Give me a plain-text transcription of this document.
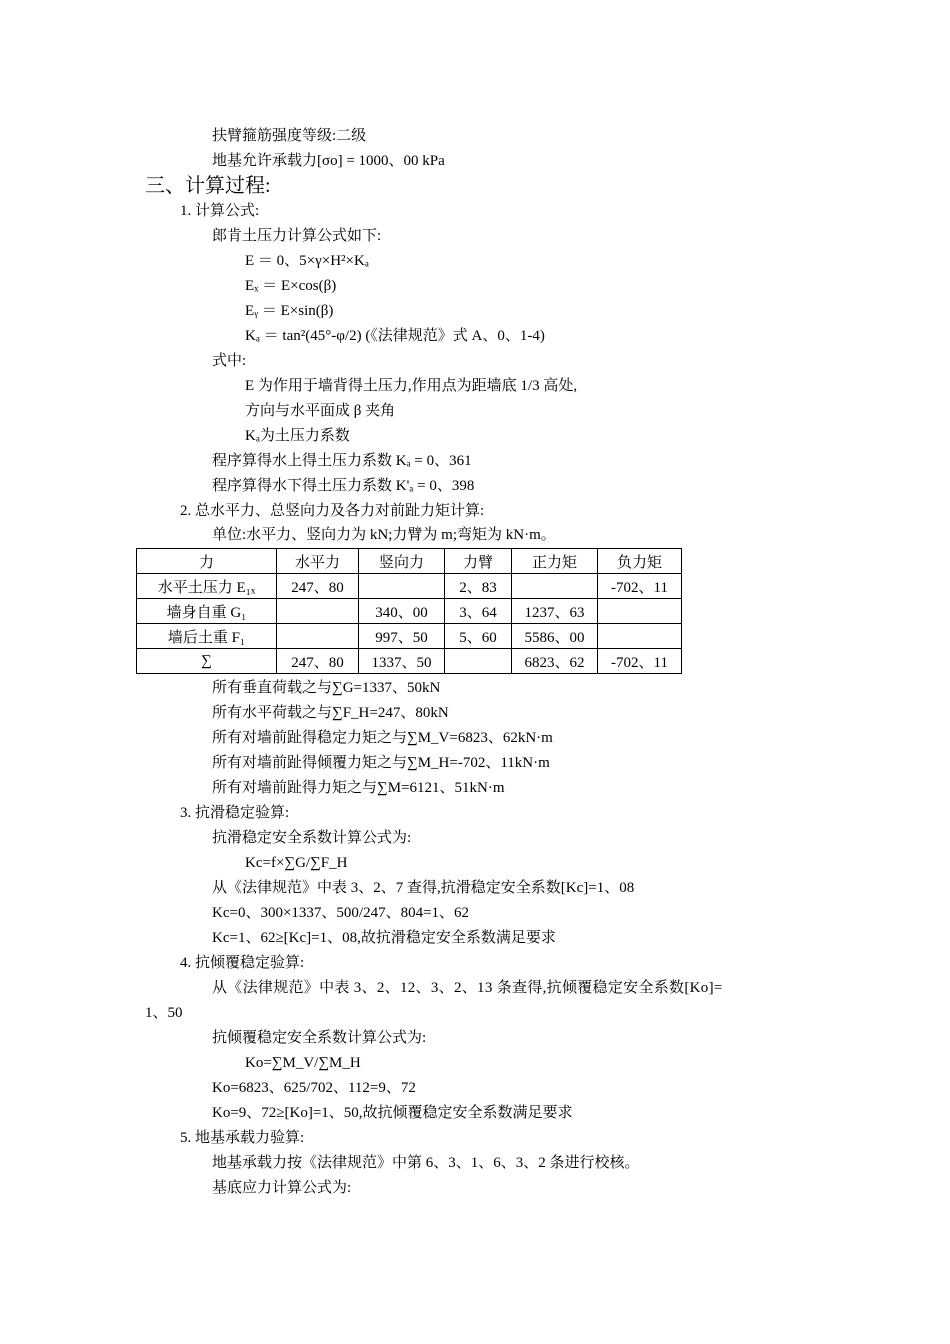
扶臂箍筋强度等级:二级
地基允许承载力[σo] = 1000、00 kPa
三、计算过程:
1. 计算公式:
郎肯土压力计算公式如下:
E ＝ 0、5×γ×H²×Kₐ
Eₓ ＝ E×cos(β)
Eᵧ ＝ E×sin(β)
Kₐ ＝ tan²(45°-φ/2) (《法律规范》式 A、0、1-4)
式中:
E 为作用于墙背得土压力,作用点为距墙底 1/3 高处,
方向与水平面成 β 夹角
Kₐ为土压力系数
程序算得水上得土压力系数 Kₐ = 0、361
程序算得水下得土压力系数 K'ₐ = 0、398
2. 总水平力、总竖向力及各力对前趾力矩计算:
单位:水平力、竖向力为 kN;力臂为 m;弯矩为 kN·m。
力	水平力	竖向力	力臂	正力矩	负力矩
水平土压力 E₁ₓ	247、80		2、83		-702、11
墙身自重 G₁		340、00	3、64	1237、63	
墙后土重 F₁		997、50	5、60	5586、00	
∑	247、80	1337、50		6823、62	-702、11
所有垂直荷载之与∑G=1337、50kN
所有水平荷载之与∑F_H=247、80kN
所有对墙前趾得稳定力矩之与∑M_V=6823、62kN·m
所有对墙前趾得倾覆力矩之与∑M_H=-702、11kN·m
所有对墙前趾得力矩之与∑M=6121、51kN·m
3. 抗滑稳定验算:
抗滑稳定安全系数计算公式为:
Kc=f×∑G/∑F_H
从《法律规范》中表 3、2、7 查得,抗滑稳定安全系数[Kc]=1、08
Kc=0、300×1337、500/247、804=1、62
Kc=1、62≥[Kc]=1、08,故抗滑稳定安全系数满足要求
4. 抗倾覆稳定验算:
从《法律规范》中表 3、2、12、3、2、13 条查得,抗倾覆稳定安全系数[Ko]=
1、50
抗倾覆稳定安全系数计算公式为:
Ko=∑M_V/∑M_H
Ko=6823、625/702、112=9、72
Ko=9、72≥[Ko]=1、50,故抗倾覆稳定安全系数满足要求
5. 地基承载力验算:
地基承载力按《法律规范》中第 6、3、1、6、3、2 条进行校核。
基底应力计算公式为:
